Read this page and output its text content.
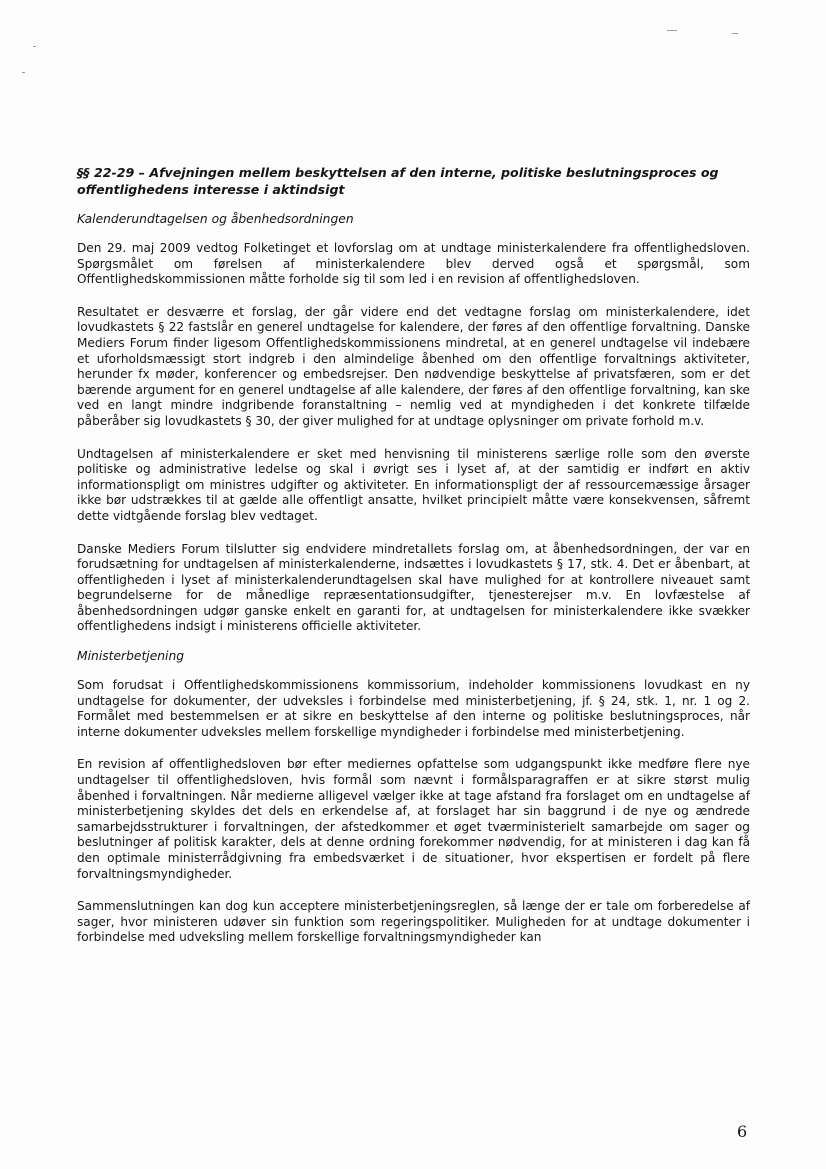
§§ 22-29 – Afvejningen mellem beskyttelsen af den interne, politiske beslutningsproces og offentlighedens interesse i aktindsigt
Kalenderundtagelsen og åbenhedsordningen

Den 29. maj 2009 vedtog Folketinget et lovforslag om at undtage ministerkalendere fra offentlighedsloven. Spørgsmålet om førelsen af ministerkalendere blev derved også et spørgsmål, som Offentlighedskommissionen måtte forholde sig til som led i en revision af offentlighedsloven.

Resultatet er desværre et forslag, der går videre end det vedtagne forslag om ministerkalendere, idet lovudkastets § 22 fastslår en generel undtagelse for kalendere, der føres af den offentlige forvaltning. Danske Mediers Forum finder ligesom Offentlighedskommissionens mindretal, at en generel undtagelse vil indebære et uforholdsmæssigt stort indgreb i den almindelige åbenhed om den offentlige forvaltnings aktiviteter, herunder fx møder, konferencer og embedsrejser. Den nødvendige beskyttelse af privatsfæren, som er det bærende argument for en generel undtagelse af alle kalendere, der føres af den offentlige forvaltning, kan ske ved en langt mindre indgribende foranstaltning – nemlig ved at myndigheden i det konkrete tilfælde påberåber sig lovudkastets § 30, der giver mulighed for at undtage oplysninger om private forhold m.v.

Undtagelsen af ministerkalendere er sket med henvisning til ministerens særlige rolle som den øverste politiske og administrative ledelse og skal i øvrigt ses i lyset af, at der samtidig er indført en aktiv informationspligt om ministres udgifter og aktiviteter. En informationspligt der af ressourcemæssige årsager ikke bør udstrækkes til at gælde alle offentligt ansatte, hvilket principielt måtte være konsekvensen, såfremt dette vidtgående forslag blev vedtaget.

Danske Mediers Forum tilslutter sig endvidere mindretallets forslag om, at åbenhedsordningen, der var en forudsætning for undtagelsen af ministerkalenderne, indsættes i lovudkastets § 17, stk. 4. Det er åbenbart, at offentligheden i lyset af ministerkalenderundtagelsen skal have mulighed for at kontrollere niveauet samt begrundelserne for de månedlige repræsentationsudgifter, tjenesterejser m.v. En lovfæstelse af åbenhedsordningen udgør ganske enkelt en garanti for, at undtagelsen for ministerkalendere ikke svækker offentlighedens indsigt i ministerens officielle aktiviteter.

Ministerbetjening

Som forudsat i Offentlighedskommissionens kommissorium, indeholder kommissionens lovudkast en ny undtagelse for dokumenter, der udveksles i forbindelse med ministerbetjening, jf. § 24, stk. 1, nr. 1 og 2. Formålet med bestemmelsen er at sikre en beskyttelse af den interne og politiske beslutningsproces, når interne dokumenter udveksles mellem forskellige myndigheder i forbindelse med ministerbetjening.

En revision af offentlighedsloven bør efter mediernes opfattelse som udgangspunkt ikke medføre flere nye undtagelser til offentlighedsloven, hvis formål som nævnt i formålsparagraffen er at sikre størst mulig åbenhed i forvaltningen. Når medierne alligevel vælger ikke at tage afstand fra forslaget om en undtagelse af ministerbetjening skyldes det dels en erkendelse af, at forslaget har sin baggrund i de nye og ændrede samarbejdsstrukturer i forvaltningen, der afstedkommer et øget tværministerielt samarbejde om sager og beslutninger af politisk karakter, dels at denne ordning forekommer nødvendig, for at ministeren i dag kan få den optimale ministerrådgivning fra embedsværket i de situationer, hvor ekspertisen er fordelt på flere forvaltningsmyndigheder.

Sammenslutningen kan dog kun acceptere ministerbetjeningsreglen, så længe der er tale om forberedelse af sager, hvor ministeren udøver sin funktion som regeringspolitiker. Muligheden for at undtage dokumenter i forbindelse med udveksling mellem forskellige forvaltningsmyndigheder kan

6
